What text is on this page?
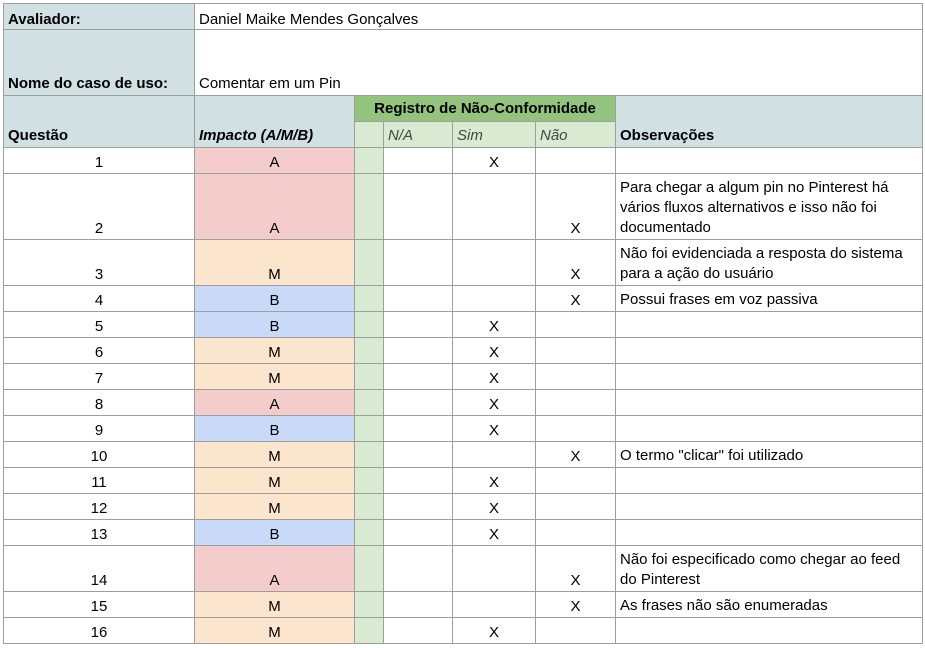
Avaliador:	Daniel Maike Mendes Gonçalves					
Nome do caso de uso:	Comentar em um Pin					
Questão	Impacto (A/M/B)	Registro de Não-Conformidade				Observações
			N/A	Sim	Não	
1	A			X		
2	A				X	Para chegar a algum pin no Pinterest há vários fluxos alternativos e isso não foi documentado
3	M				X	Não foi evidenciada a resposta do sistema para a ação do usuário
4	B				X	Possui frases em voz passiva
5	B			X		
6	M			X		
7	M			X		
8	A			X		
9	B			X		
10	M				X	O termo "clicar" foi utilizado
11	M			X		
12	M			X		
13	B			X		
14	A				X	Não foi especificado como chegar ao feed do Pinterest
15	M				X	As frases não são enumeradas
16	M			X		
